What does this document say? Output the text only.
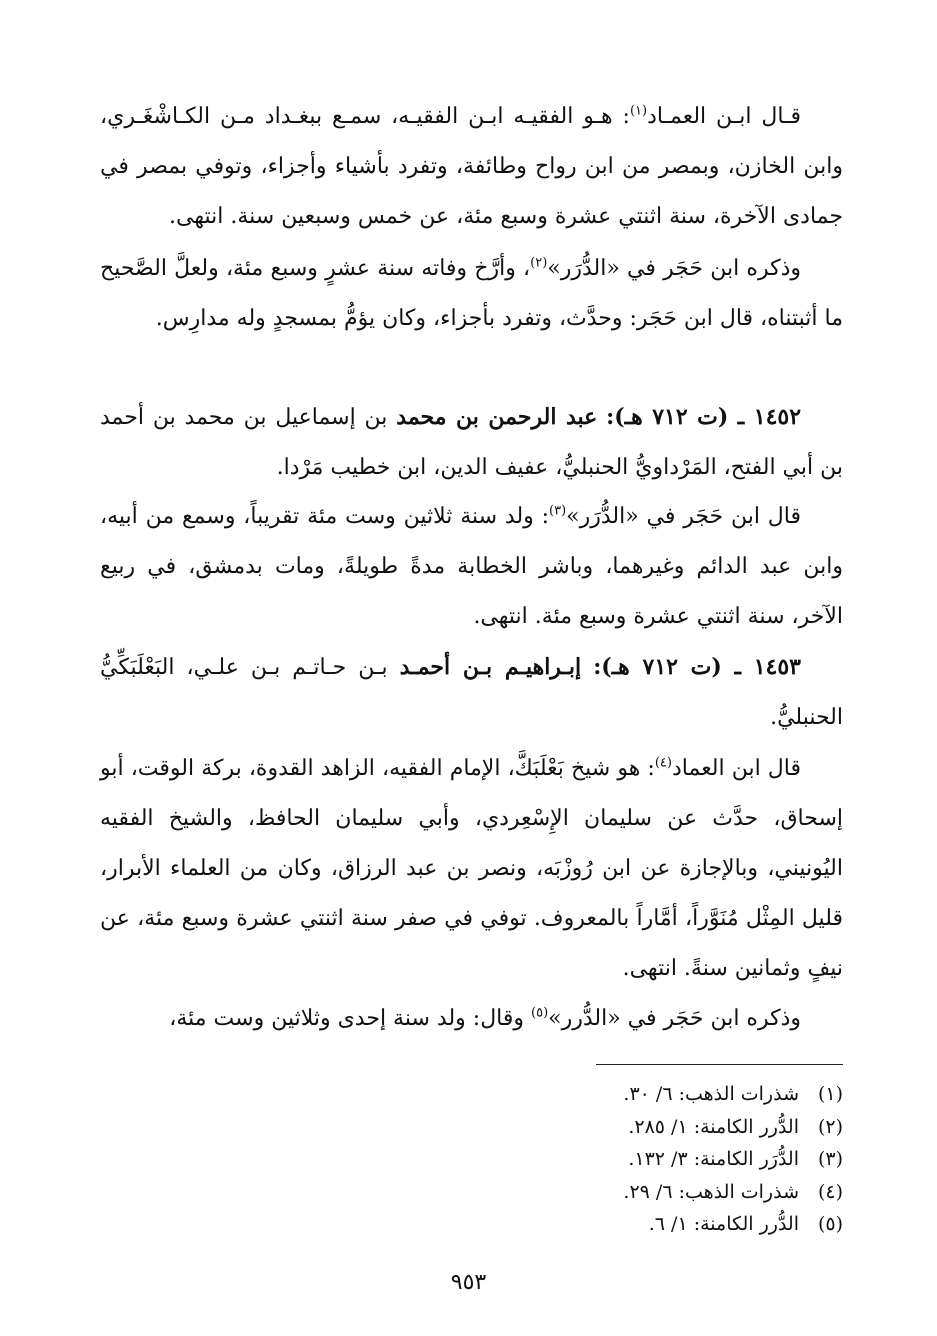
قـال ابـن العمـاد$^{(١)}$: هـو الفقيـه ابـن الفقيـه، سمـع ببغـداد مـن الكـاشْغَـري، وابن الخازن، وبمصر من ابن رواح وطائفة، وتفرد بأشياء وأجزاء، وتوفي بمصر في جمادى الآخرة، سنة اثنتي عشرة وسبع مئة، عن خمس وسبعين سنة. انتهى.

وذكره ابن حَجَر في «الدُّرَر»$^{(٢)}$، وأرَّخ وفاته سنة عشرٍ وسبع مئة، ولعلَّ الصَّحيح ما أثبتناه، قال ابن حَجَر: وحدَّث، وتفرد بأجزاء، وكان يؤمُّ بمسجدٍ وله مدارِس.

١٤٥٢ ـ (ت ٧١٢ هـ): عبد الرحمن بن محمد بن إسماعيل بن محمد بن أحمد بن أبي الفتح، المَرْداويُّ الحنبليُّ، عفيف الدين، ابن خطيب مَرْدا.

قال ابن حَجَر في «الدُّرَر»$^{(٣)}$: ولد سنة ثلاثين وست مئة تقريباً، وسمع من أبيه، وابن عبد الدائم وغيرهما، وباشر الخطابة مدةً طويلةً، ومات بدمشق، في ربيع الآخر، سنة اثنتي عشرة وسبع مئة. انتهى.

١٤٥٣ ـ (ت ٧١٢ هـ): إبـراهيـم بـن أحمـد بـن حـاتـم بـن علـي، البَعْلَبَكِّيُّ الحنبليُّ.

قال ابن العماد$^{(٤)}$: هو شيخ بَعْلَبَكَّ، الإمام الفقيه، الزاهد القدوة، بركة الوقت، أبو إسحاق، حدَّث عن سليمان الإِسْعِردي، وأبي سليمان الحافظ، والشيخ الفقيه اليُونيني، وبالإجازة عن ابن رُوزْبَه، ونصر بن عبد الرزاق، وكان من العلماء الأبرار، قليل المِثْل مُنَوَّراً، أمَّاراً بالمعروف. توفي في صفر سنة اثنتي عشرة وسبع مئة، عن نيفٍ وثمانين سنةً. انتهى.

وذكره ابن حَجَر في «الدُّرر»$^{(٥)}$ وقال: ولد سنة إحدى وثلاثين وست مئة،

(١)شذرات الذهب: ٦/ ٣٠.
(٢)الدُّرر الكامنة: ١/ ٢٨٥.
(٣)الدُّرَر الكامنة: ٣/ ١٣٢.
(٤)شذرات الذهب: ٦/ ٢٩.
(٥)الدُّرر الكامنة: ١/ ٦.
٩٥٣
